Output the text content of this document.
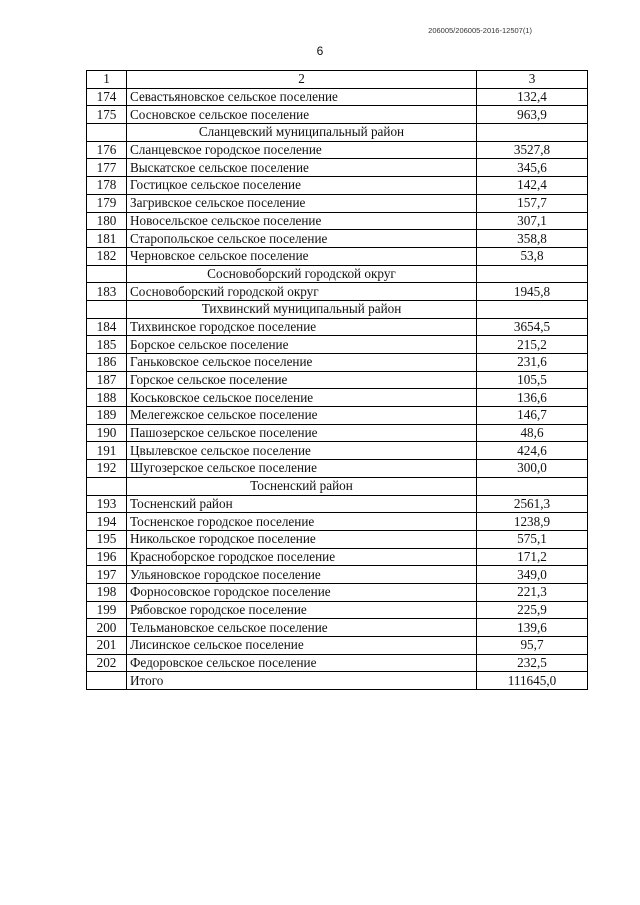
206005/206005-2016-12507(1)
6
1	2	3
174	Севастьяновское сельское поселение	132,4
175	Сосновское сельское поселение	963,9
	Сланцевский муниципальный район	
176	Сланцевское городское поселение	3527,8
177	Выскатское сельское поселение	345,6
178	Гостицкое сельское поселение	142,4
179	Загривское сельское поселение	157,7
180	Новосельское сельское поселение	307,1
181	Старопольское сельское поселение	358,8
182	Черновское сельское поселение	53,8
	Сосновоборский городской округ	
183	Сосновоборский городской округ	1945,8
	Тихвинский муниципальный район	
184	Тихвинское городское поселение	3654,5
185	Борское сельское поселение	215,2
186	Ганьковское сельское поселение	231,6
187	Горское сельское поселение	105,5
188	Коськовское сельское поселение	136,6
189	Мелегежское сельское поселение	146,7
190	Пашозерское сельское поселение	48,6
191	Цвылевское сельское поселение	424,6
192	Шугозерское сельское поселение	300,0
	Тосненский район	
193	Тосненский район	2561,3
194	Тосненское городское поселение	1238,9
195	Никольское городское поселение	575,1
196	Красноборское городское поселение	171,2
197	Ульяновское городское поселение	349,0
198	Форносовское городское поселение	221,3
199	Рябовское городское поселение	225,9
200	Тельмановское сельское поселение	139,6
201	Лисинское сельское поселение	95,7
202	Федоровское сельское поселение	232,5
	Итого	111645,0
